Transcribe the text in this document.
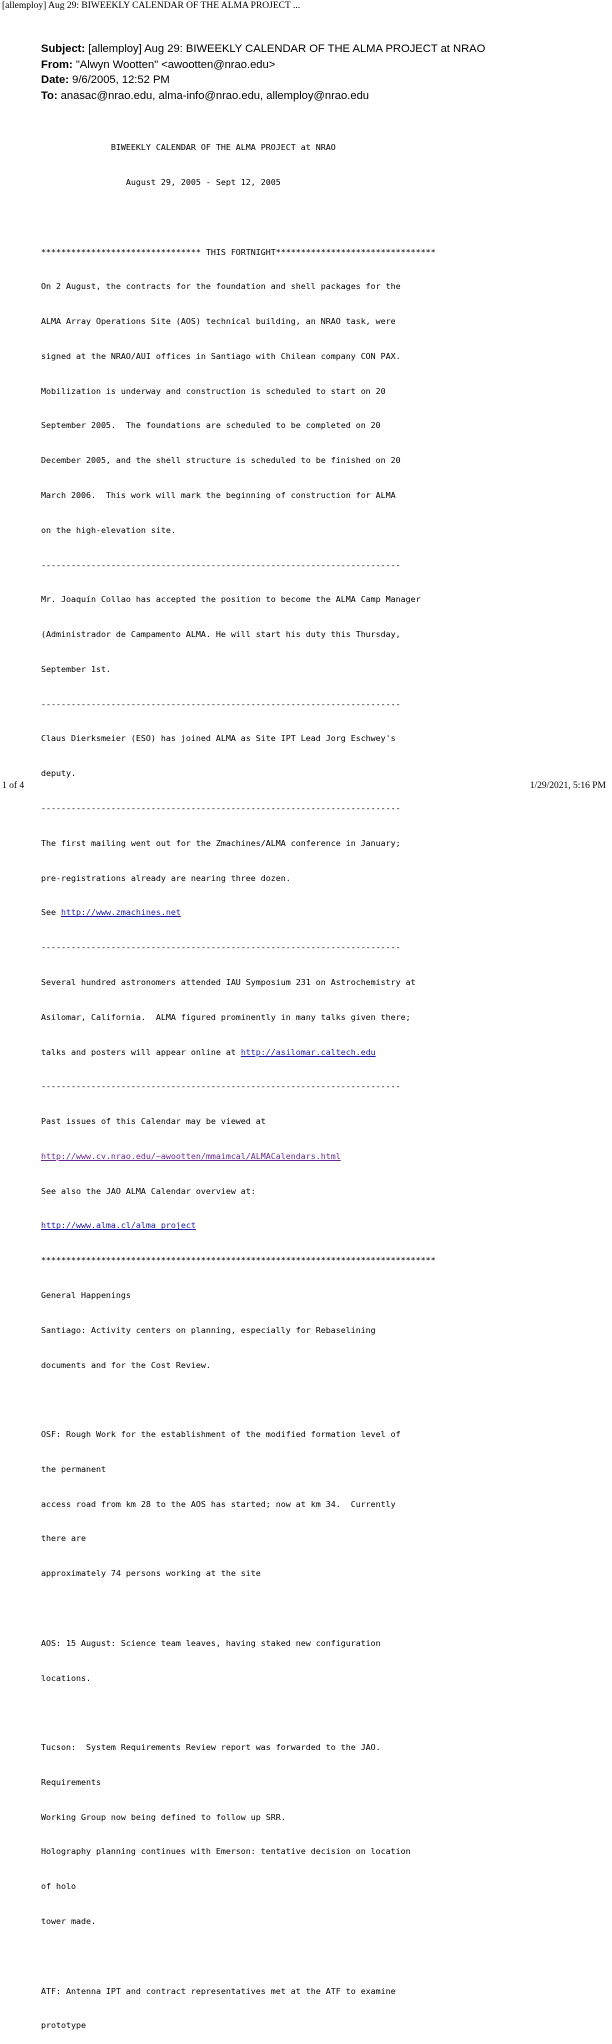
[allemploy] Aug 29: BIWEEKLY CALENDAR OF THE ALMA PROJECT ...
Subject: [allemploy] Aug 29: BIWEEKLY CALENDAR OF THE ALMA PROJECT at NRAO
From: "Alwyn Wootten" <awootten@nrao.edu>
Date: 9/6/2005, 12:52 PM
To: anasac@nrao.edu, alma-info@nrao.edu, allemploy@nrao.edu

BIWEEKLY CALENDAR OF THE ALMA PROJECT at NRAO

August 29, 2005 - Sept 12, 2005

******************************** THIS FORTNIGHT********************************

On 2 August, the contracts for the foundation and shell packages for the

ALMA Array Operations Site (AOS) technical building, an NRAO task, were

signed at the NRAO/AUI offices in Santiago with Chilean company CON PAX.

Mobilization is underway and construction is scheduled to start on 20

September 2005.  The foundations are scheduled to be completed on 20

December 2005, and the shell structure is scheduled to be finished on 20

March 2006.  This work will mark the beginning of construction for ALMA

on the high-elevation site.

------------------------------------------------------------------------

Mr. Joaquín Collao has accepted the position to become the ALMA Camp Manager

(Administrador de Campamento ALMA. He will start his duty this Thursday,

September 1st.

------------------------------------------------------------------------

Claus Dierksmeier (ESO) has joined ALMA as Site IPT Lead Jorg Eschwey's

deputy.

------------------------------------------------------------------------

The first mailing went out for the Zmachines/ALMA conference in January;

pre-registrations already are nearing three dozen.

See http://www.zmachines.net

------------------------------------------------------------------------

Several hundred astronomers attended IAU Symposium 231 on Astrochemistry at

Asilomar, California.  ALMA figured prominently in many talks given there;

talks and posters will appear online at http://asilomar.caltech.edu

------------------------------------------------------------------------

Past issues of this Calendar may be viewed at

http://www.cv.nrao.edu/~awootten/mmaimcal/ALMACalendars.html

See also the JAO ALMA Calendar overview at:

http://www.alma.cl/alma_project

*******************************************************************************

General Happenings

Santiago: Activity centers on planning, especially for Rebaselining

documents and for the Cost Review.

OSF: Rough Work for the establishment of the modified formation level of

the permanent

access road from km 28 to the AOS has started; now at km 34.  Currently

there are

approximately 74 persons working at the site

AOS: 15 August: Science team leaves, having staked new configuration

locations.

Tucson:  System Requirements Review report was forwarded to the JAO.

Requirements

Working Group now being defined to follow up SRR.

Holography planning continues with Emerson: tentative decision on location

of holo

tower made.

ATF: Antenna IPT and contract representatives met at the ATF to examine

prototype

1 of 4	1/29/2021, 5:16 PM
